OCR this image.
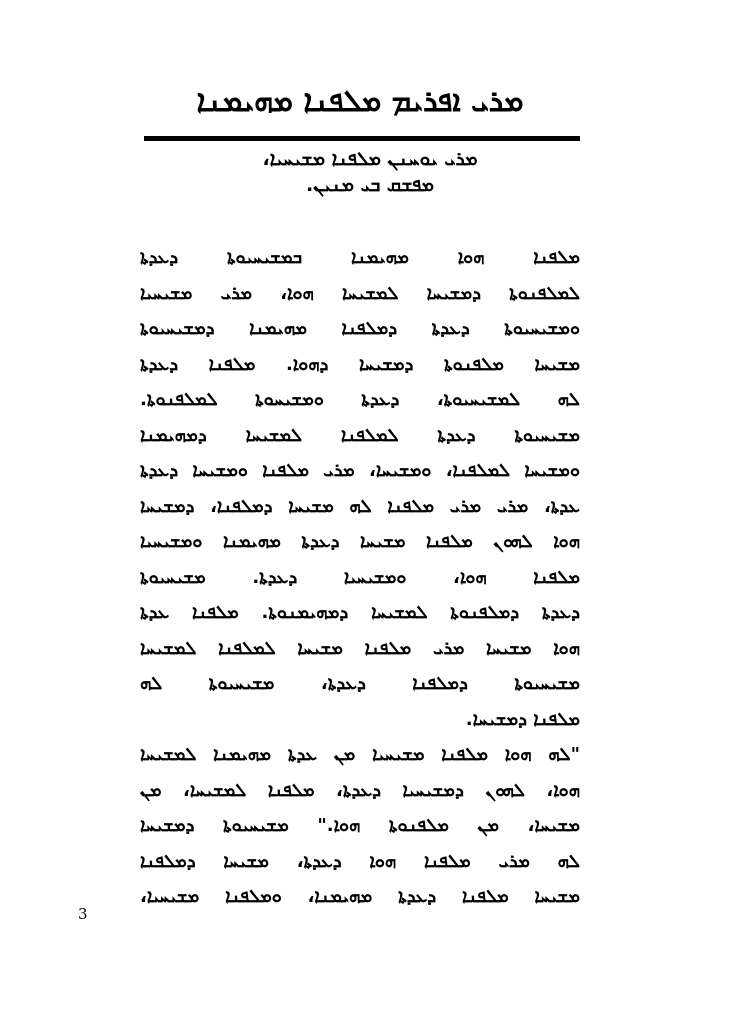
ܡܪܝ ܐܦܪܝܡ ܡܠܦܢܐ ܡܗܝܡܢܐ
ܡܪܝ ܝܘܚܢܢ ܡܠܦܢܐ ܡܫܝܚܝܐ،
ܡܦܫܩ ܒܝ ܡܢܝܢ.
ܡܠܦܢܐ ܗܘܐ ܡܗܝܡܢܐ ܒܡܫܝܚܝܘܬܐ ܕܥܕܬܐ
ܠܡܠܦܢܘܬܐ ܕܡܫܝܚܐ ܠܡܫܝܚܐ ܗܘܐ، ܡܪܝ ܡܫܝܚܝܐ
ܘܡܫܝܚܝܘܬܐ ܕܥܕܬܐ ܕܡܠܦܢܐ ܡܗܝܡܢܐ ܕܡܫܝܚܝܘܬܐ
ܡܫܝܚܐ ܡܠܦܢܘܬܐ ܕܡܫܝܚܐ ܕܗܘܐ. ܡܠܦܢܐ ܕܥܕܬܐ
ܠܗ ܠܡܫܝܚܝܘܬܐ، ܕܥܕܬܐ ܘܡܫܝܚܘܬܐ ܠܡܠܦܢܘܬܐ.
ܡܫܝܚܝܘܬܐ ܕܥܕܬܐ ܠܡܠܦܢܐ ܠܡܫܝܚܐ ܕܡܗܝܡܢܐ
ܘܡܫܝܚܐ ܠܡܠܦܢܐ، ܘܡܫܝܚܐ، ܡܪܝ ܡܠܦܢܐ ܘܡܫܝܚܐ ܕܥܕܬܐ
ܥܕܬܐ، ܡܪܝ ܡܪܝ ܡܠܦܢܐ ܠܗ ܡܫܝܚܐ ܕܡܠܦܢܐ، ܕܡܫܝܚܐ
ܗܘܐ ܠܗܘܢ ܡܠܦܢܐ ܡܫܝܚܐ ܕܥܕܬܐ ܡܗܝܡܢܐ ܘܡܫܝܚܝܐ
ܡܠܦܢܐ ܗܘܐ، ܘܡܫܝܚܝܐ ܕܥܕܬܐ. ܡܫܝܚܝܘܬܐ
ܕܥܕܬܐ ܕܡܠܦܢܘܬܐ ܠܡܫܝܚܐ ܕܡܗܝܡܢܘܬܐ. ܡܠܦܢܐ ܥܕܬܐ
ܗܘܐ ܡܫܝܚܐ ܡܪܝ ܡܠܦܢܐ ܡܫܝܚܐ ܠܡܠܦܢܐ ܠܡܫܝܚܐ
ܡܫܝܚܝܘܬܐ ܕܡܠܦܢܐ ܕܥܕܬܐ، ܡܫܝܚܝܘܬܐ ܠܗ
ܡܠܦܢܐ ܕܡܫܝܚܐ.
"ܠܗ ܗܘܐ ܡܠܦܢܐ ܡܫܝܚܝܐ ܡܢ ܥܕܬܐ ܡܗܝܡܢܐ ܠܡܫܝܚܐ
ܗܘܐ، ܠܗܘܢ ܕܡܫܝܚܝܐ ܕܥܕܬܐ، ܡܠܦܢܐ ܠܡܫܝܚܐ، ܡܢ
ܡܫܝܚܐ، ܡܢ ܡܠܦܢܘܬܐ ܗܘܐ." ܡܫܝܚܝܘܬܐ ܕܡܫܝܚܐ
ܠܗ ܡܪܝ ܡܠܦܢܐ ܗܘܐ ܕܥܕܬܐ، ܡܫܝܚܐ ܕܡܠܦܢܐ
ܡܫܝܚܐ ܡܠܦܢܐ ܕܥܕܬܐ ܡܗܝܡܢܐ، ܘܡܠܦܢܐ ܡܫܝܚܝܐ،
3
